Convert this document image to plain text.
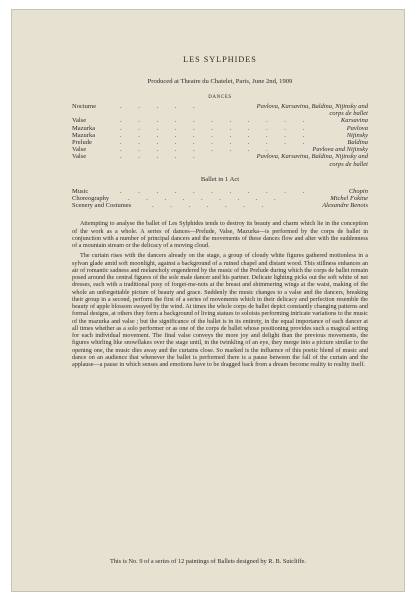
LES SYLPHIDES
Produced at Theatre du Chatelet, Paris, June 2nd, 1909
DANCES
Nocturne	. . . . .	Pavlova, Karsavina, Baldina, Nijinsky and
corps de ballet
Valse	. . . . . . . . . . .	Karsavina
Mazurka	. . . . . . . . . . .	Pavlova
Mazurka	. . . . . . . . . . .	Nijinsky
Prelude	. . . . . . . . . . .	Baldina
Valse	. . . . . . . . .	Pavlova and Nijinsky
Valse	. . . . .	Pavlova, Karsavina, Baldina, Nijinsky and
corps de ballet
Ballet in 1 Act
Music	. . . . . . . . . . .	Chopin
Choreography	. . . . . . . . .	Michel Fokine
Scenery and Costumes	. . . . . . .	Alexandre Benois

Attempting to analyse the ballet of Les Sylphides tends to destroy its beauty and charm which lie in the conception of the work as a whole. A series of dances—Prelude, Valse, Mazurka—is performed by the corps de ballet in conjunction with a number of principal dancers and the movements of these dances flow and alter with the suddenness of a mountain stream or the delicacy of a moving cloud.

The curtain rises with the dancers already on the stage, a group of cloudy white figures gathered motionless in a sylvan glade amid soft moonlight, against a background of a ruined chapel and distant wood. This stillness enhances an air of romantic sadness and melancholy engendered by the music of the Prelude during which the corps de ballet remain posed around the central figures of the sole male dancer and his partner. Delicate lighting picks out the soft white of net dresses, each with a traditional posy of forget-me-nots at the breast and shimmering wings at the waist, making of the whole an unforgettable picture of beauty and grace. Suddenly the music changes to a valse and the dancers, breaking their group in a second, perform the first of a series of movements which in their delicacy and perfection resemble the beauty of apple blossom swayed by the wind. At times the whole corps de ballet depict constantly changing patterns and formal designs, at others they form a background of living statues to soloists performing intricate variations to the music of the mazurka and valse ; but the significance of the ballet is in its entirety, in the equal importance of each dancer at all times whether as a solo performer or as one of the corps de ballet whose positioning provides such a magical setting for each individual movement. The final valse conveys the more joy and delight than the previous movements, the figures whirling like snowflakes over the stage until, in the twinkling of an eye, they merge into a picture similar to the opening one, the music dies away and the curtains close. So marked is the influence of this poetic blend of music and dance on an audience that whenever the ballet is performed there is a pause between the fall of the curtain and the applause—a pause in which senses and emotions have to be dragged back from a dream become reality to reality itself.

This is No. 9 of a series of 12 paintings of Ballets designed by R. B. Sutcliffe.
